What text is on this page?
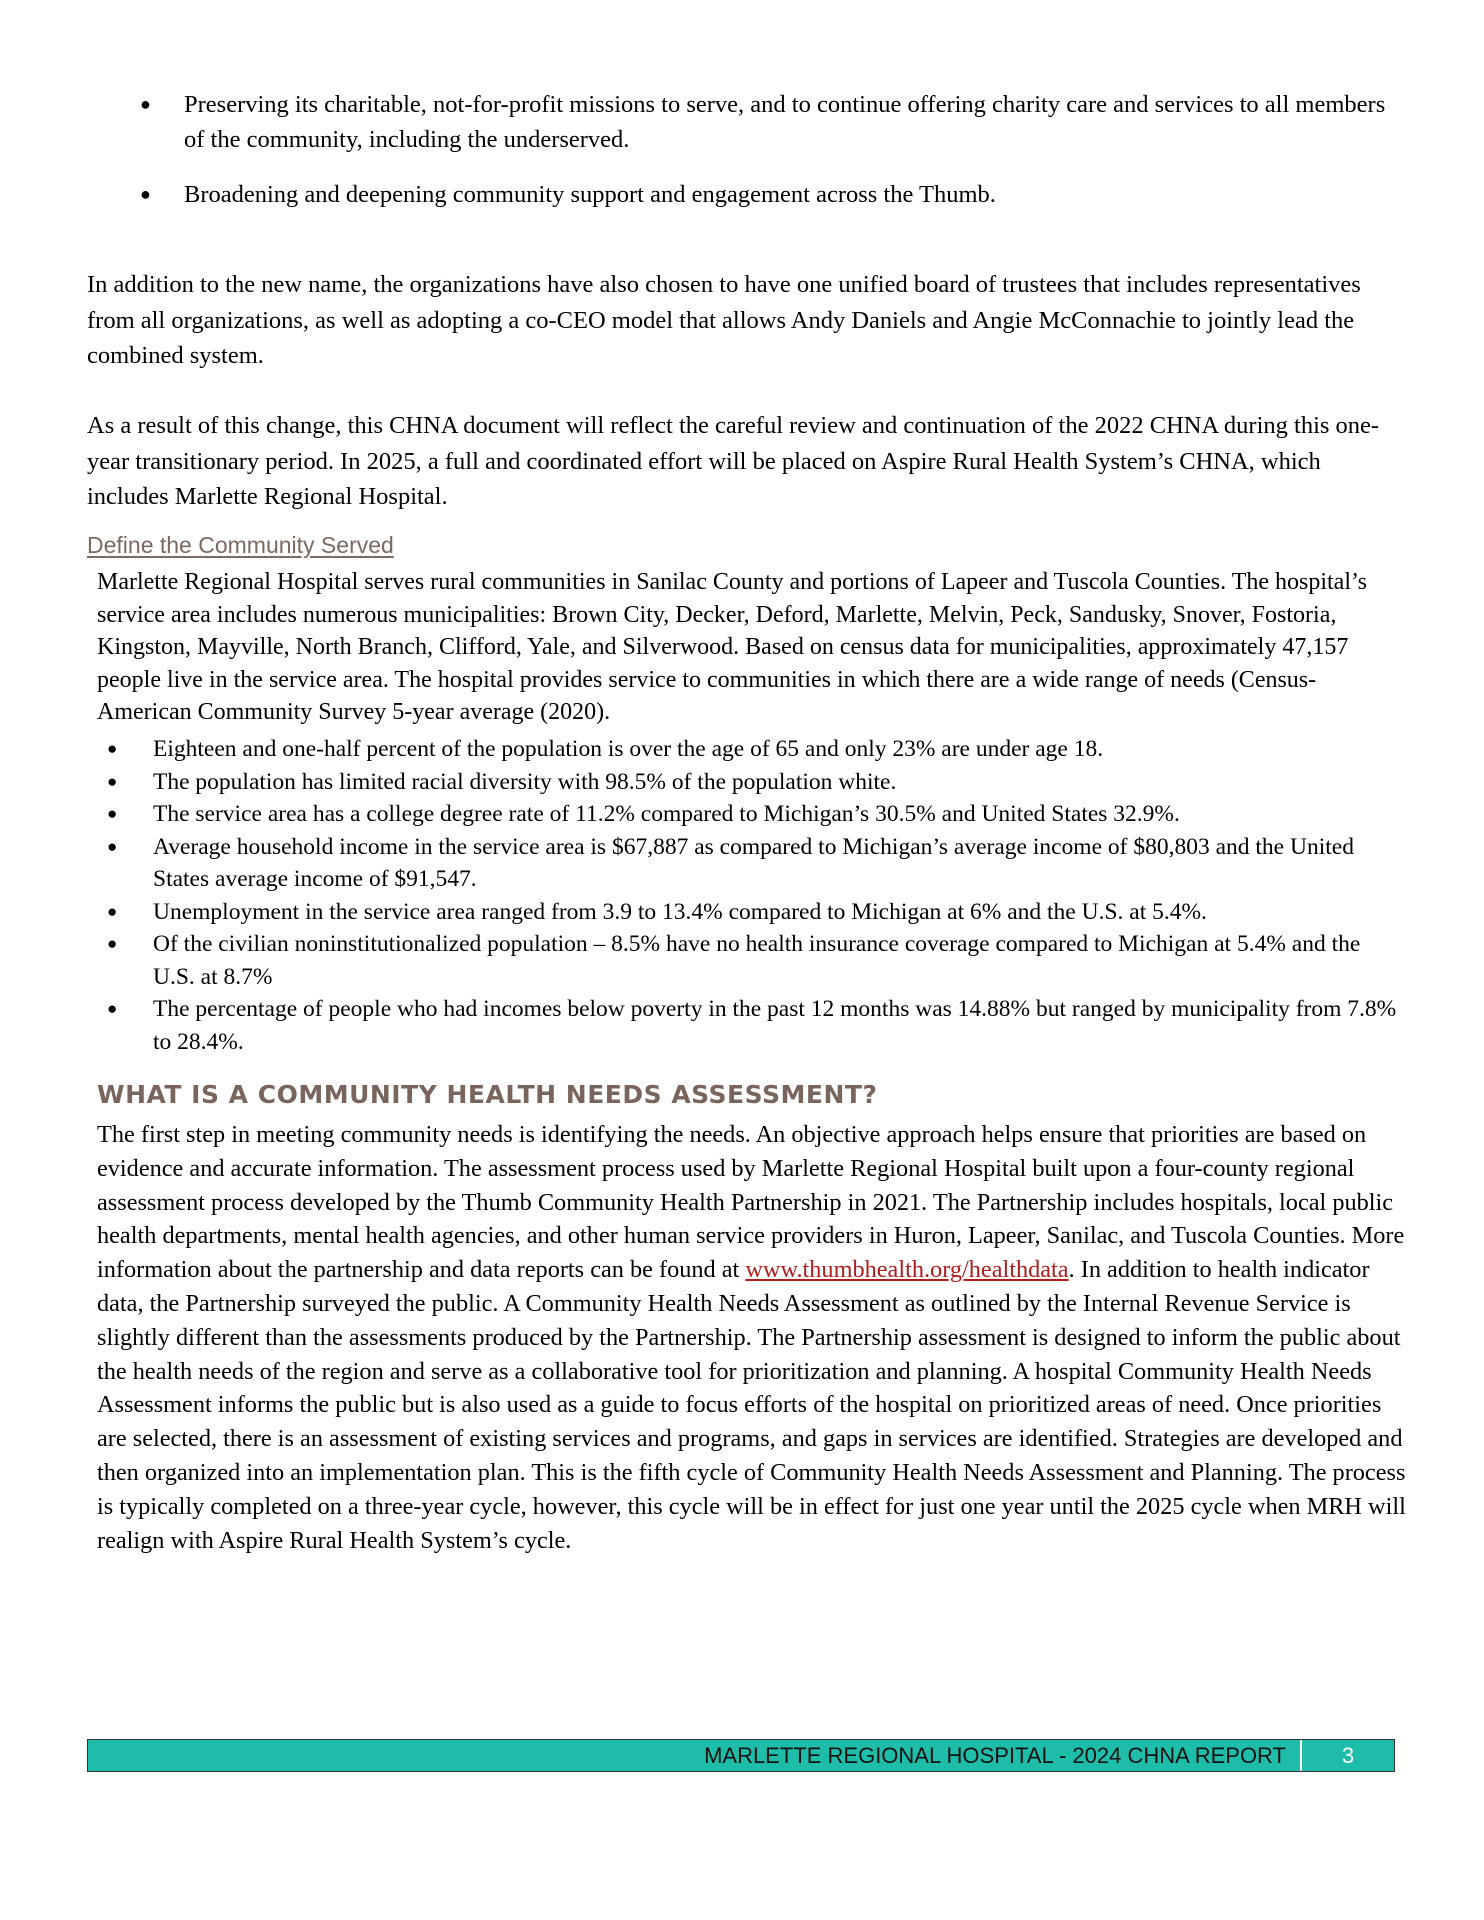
● Preserving its charitable, not-for-profit missions to serve, and to continue offering charity care and services to all members of the community, including the underserved.
● Broadening and deepening community support and engagement across the Thumb.

In addition to the new name, the organizations have also chosen to have one unified board of trustees that includes representatives from all organizations, as well as adopting a co-CEO model that allows Andy Daniels and Angie McConnachie to jointly lead the combined system.

As a result of this change, this CHNA document will reflect the careful review and continuation of the 2022 CHNA during this one-year transitionary period. In 2025, a full and coordinated effort will be placed on Aspire Rural Health System’s CHNA, which includes Marlette Regional Hospital.

Define the Community Served

Marlette Regional Hospital serves rural communities in Sanilac County and portions of Lapeer and Tuscola Counties. The hospital’s service area includes numerous municipalities: Brown City, Decker, Deford, Marlette, Melvin, Peck, Sandusky, Snover, Fostoria, Kingston, Mayville, North Branch, Clifford, Yale, and Silverwood. Based on census data for municipalities, approximately 47,157 people live in the service area. The hospital provides service to communities in which there are a wide range of needs (Census-American Community Survey 5-year average (2020).

● Eighteen and one-half percent of the population is over the age of 65 and only 23% are under age 18.
● The population has limited racial diversity with 98.5% of the population white.
● The service area has a college degree rate of 11.2% compared to Michigan’s 30.5% and United States 32.9%.
● Average household income in the service area is $67,887 as compared to Michigan’s average income of $80,803 and the United States average income of $91,547.
● Unemployment in the service area ranged from 3.9 to 13.4% compared to Michigan at 6% and the U.S. at 5.4%.
● Of the civilian noninstitutionalized population – 8.5% have no health insurance coverage compared to Michigan at 5.4% and the U.S. at 8.7%
● The percentage of people who had incomes below poverty in the past 12 months was 14.88% but ranged by municipality from 7.8% to 28.4%.
WHAT IS A COMMUNITY HEALTH NEEDS ASSESSMENT?

The first step in meeting community needs is identifying the needs. An objective approach helps ensure that priorities are based on evidence and accurate information. The assessment process used by Marlette Regional Hospital built upon a four-county regional assessment process developed by the Thumb Community Health Partnership in 2021. The Partnership includes hospitals, local public health departments, mental health agencies, and other human service providers in Huron, Lapeer, Sanilac, and Tuscola Counties. More information about the partnership and data reports can be found at www.thumbhealth.org/healthdata. In addition to health indicator data, the Partnership surveyed the public. A Community Health Needs Assessment as outlined by the Internal Revenue Service is slightly different than the assessments produced by the Partnership. The Partnership assessment is designed to inform the public about the health needs of the region and serve as a collaborative tool for prioritization and planning. A hospital Community Health Needs Assessment informs the public but is also used as a guide to focus efforts of the hospital on prioritized areas of need. Once priorities are selected, there is an assessment of existing services and programs, and gaps in services are identified. Strategies are developed and then organized into an implementation plan. This is the fifth cycle of Community Health Needs Assessment and Planning. The process is typically completed on a three-year cycle, however, this cycle will be in effect for just one year until the 2025 cycle when MRH will realign with Aspire Rural Health System’s cycle.

MARLETTE REGIONAL HOSPITAL - 2024 CHNA REPORT	3
